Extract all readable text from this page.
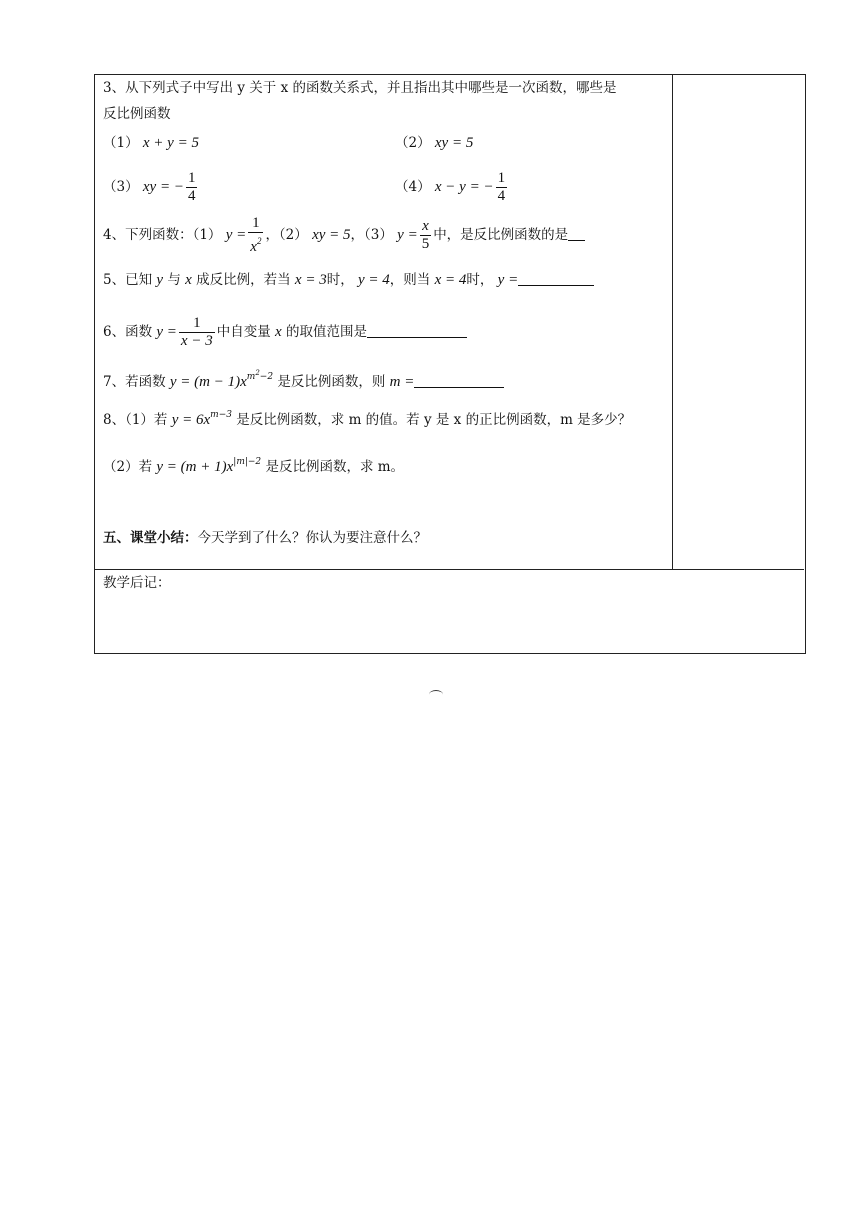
3、从下列式子中写出 y 关于 x 的函数关系式，并且指出其中哪些是一次函数，哪些是
反比例函数
（1） x + y = 5	（2） xy = 5
（3） xy = − $\frac{1}{4}$	（4） x − y = − $\frac{1}{4}$
4、下列函数：（1） $y = \frac{1}{x^2}$ ，（2） xy = 5，（3） $y = \frac{x}{5}$ 中，是反比例函数的是
5、已知 y 与 x 成反比例，若当 x = 3时， y = 4，则当 x = 4时， y =
6、函数 $y = \frac{1}{x - 3}$ 中自变量 x 的取值范围是
7、若函数 $y = (m - 1)x^{m^2-2}$ 是反比例函数，则 m =
8、（1）若 $y = 6x^{m-3}$ 是反比例函数，求 m 的值。若 y 是 x 的正比例函数，m 是多少？
（2）若 $y = (m + 1)x^{|m|-2}$ 是反比例函数，求 m。
五、课堂小结：今天学到了什么？你认为要注意什么？
教学后记：
